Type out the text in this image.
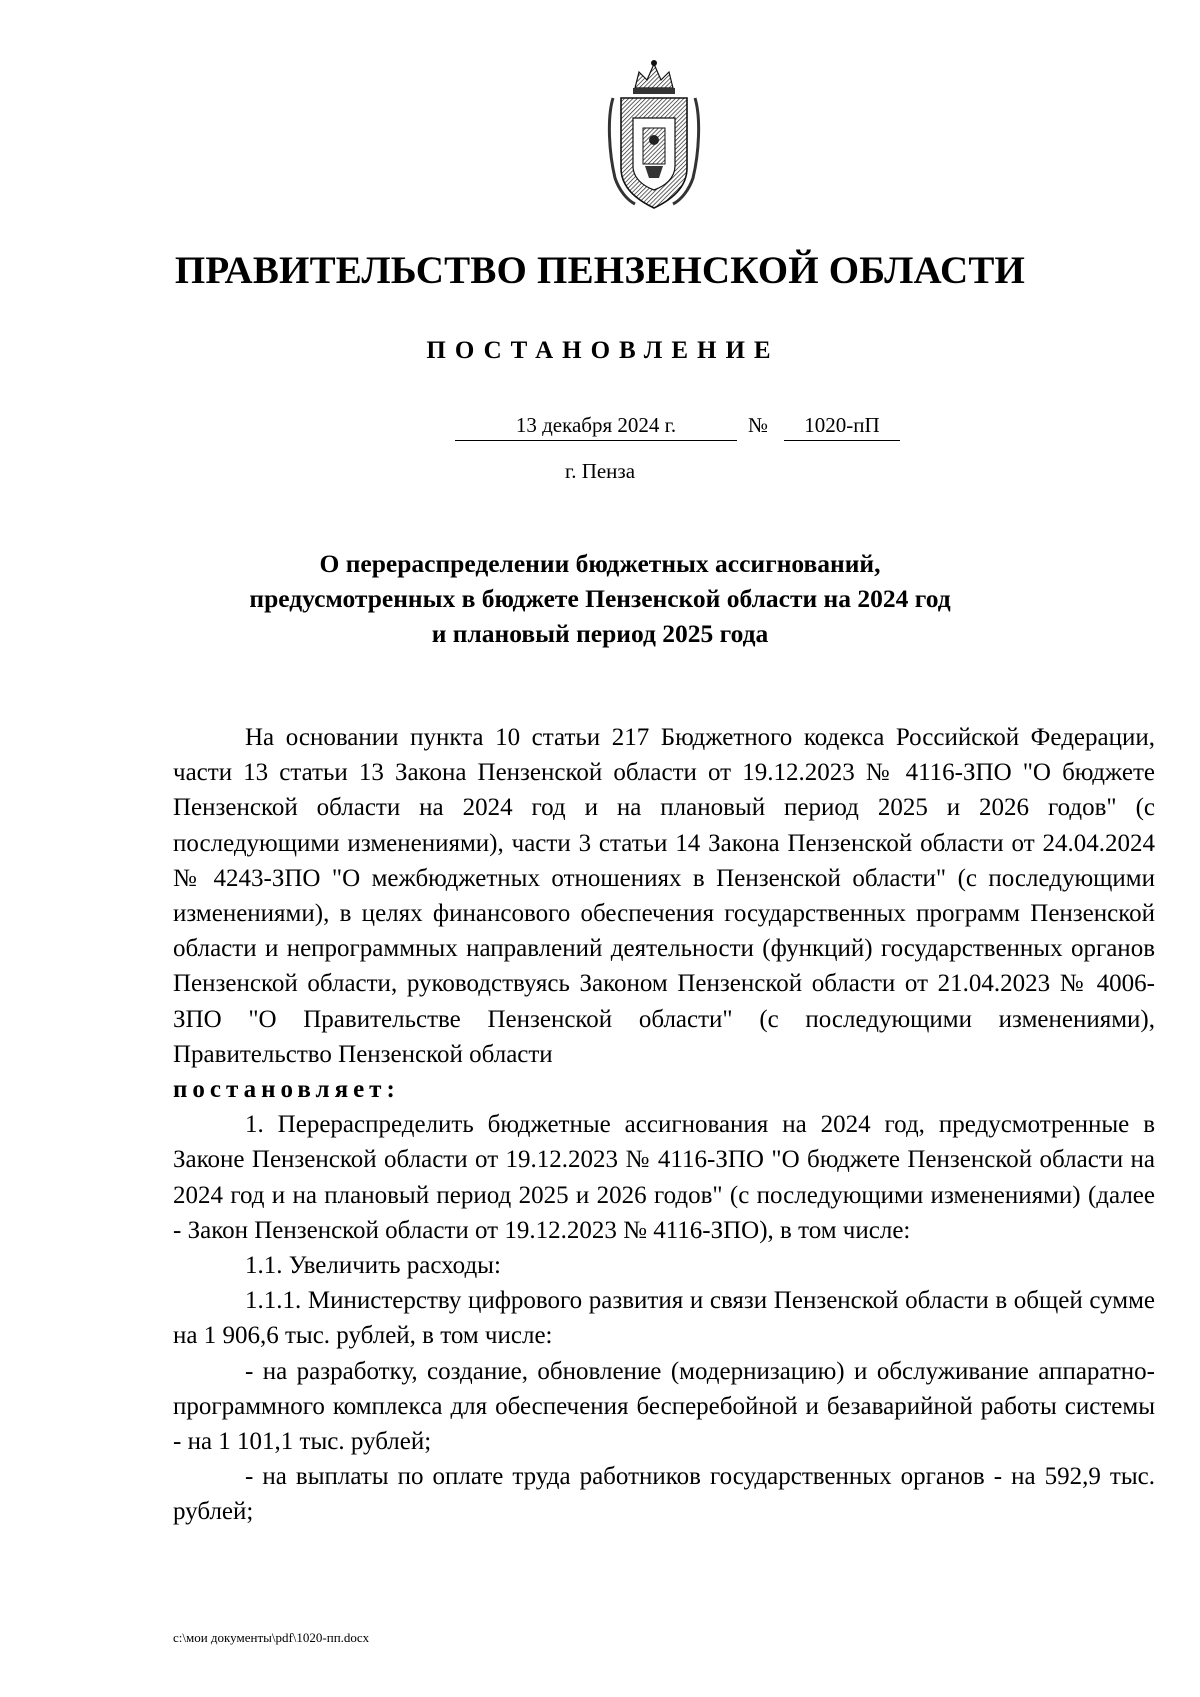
ПРАВИТЕЛЬСТВО ПЕНЗЕНСКОЙ ОБЛАСТИ
ПОСТАНОВЛЕНИЕ
13 декабря 2024 г.	№	1020-пП
г. Пенза
О перераспределении бюджетных ассигнований,
предусмотренных в бюджете Пензенской области на 2024 год
и плановый период 2025 года

На основании пункта 10 статьи 217 Бюджетного кодекса Российской Федерации, части 13 статьи 13 Закона Пензенской области от 19.12.2023 № 4116-ЗПО "О бюджете Пензенской области на 2024 год и на плановый период 2025 и 2026 годов" (с последующими изменениями), части 3 статьи 14 Закона Пензенской области от 24.04.2024 № 4243-ЗПО "О межбюджетных отношениях в Пензенской области" (с последующими изменениями), в целях финансового обеспечения государственных программ Пензенской области и непрограммных направлений деятельности (функций) государственных органов Пензенской области, руководствуясь Законом Пензенской области от 21.04.2023 № 4006-ЗПО "О Правительстве Пензенской области" (с последующими изменениями), Правительство Пензенской области

постановляет:

1. Перераспределить бюджетные ассигнования на 2024 год, предусмотренные в Законе Пензенской области от 19.12.2023 № 4116-ЗПО "О бюджете Пензенской области на 2024 год и на плановый период 2025 и 2026 годов" (с последующими изменениями) (далее - Закон Пензенской области от 19.12.2023 № 4116-ЗПО), в том числе:

1.1. Увеличить расходы:

1.1.1. Министерству цифрового развития и связи Пензенской области в общей сумме на 1 906,6 тыс. рублей, в том числе:

- на разработку, создание, обновление (модернизацию) и обслуживание аппаратно-программного комплекса для обеспечения бесперебойной и безаварийной работы системы - на 1 101,1 тыс. рублей;

- на выплаты по оплате труда работников государственных органов - на 592,9 тыс. рублей;

c:\мои документы\pdf\1020-пп.docx
